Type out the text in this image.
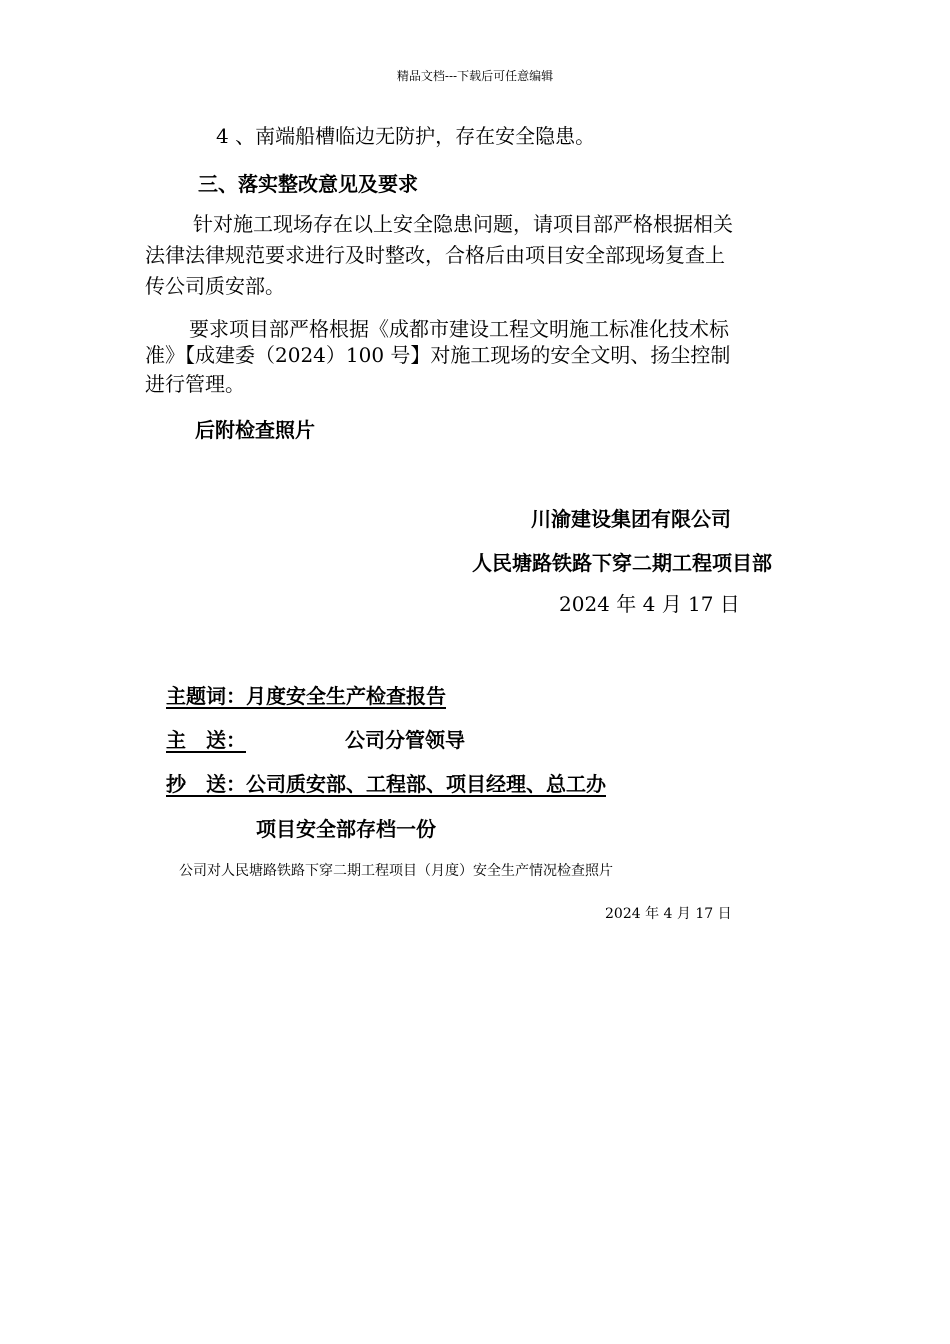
精品文档---下载后可任意编辑
4 、南端船槽临边无防护，存在安全隐患。
三、落实整改意见及要求
针对施工现场存在以上安全隐患问题，请项目部严格根据相关
法律法律规范要求进行及时整改，合格后由项目安全部现场复查上
传公司质安部。
要求项目部严格根据《成都市建设工程文明施工标准化技术标
准》【成建委（2024）100 号】对施工现场的安全文明、扬尘控制
进行管理。
后附检查照片
川渝建设集团有限公司
人民塘路铁路下穿二期工程项目部
2024 年 4 月 17 日
主题词：月度安全生产检查报告
主　送：	公司分管领导
抄　送：公司质安部、工程部、项目经理、总工办
项目安全部存档一份
公司对人民塘路铁路下穿二期工程项目（月度）安全生产情况检查照片
2024 年 4 月 17 日
